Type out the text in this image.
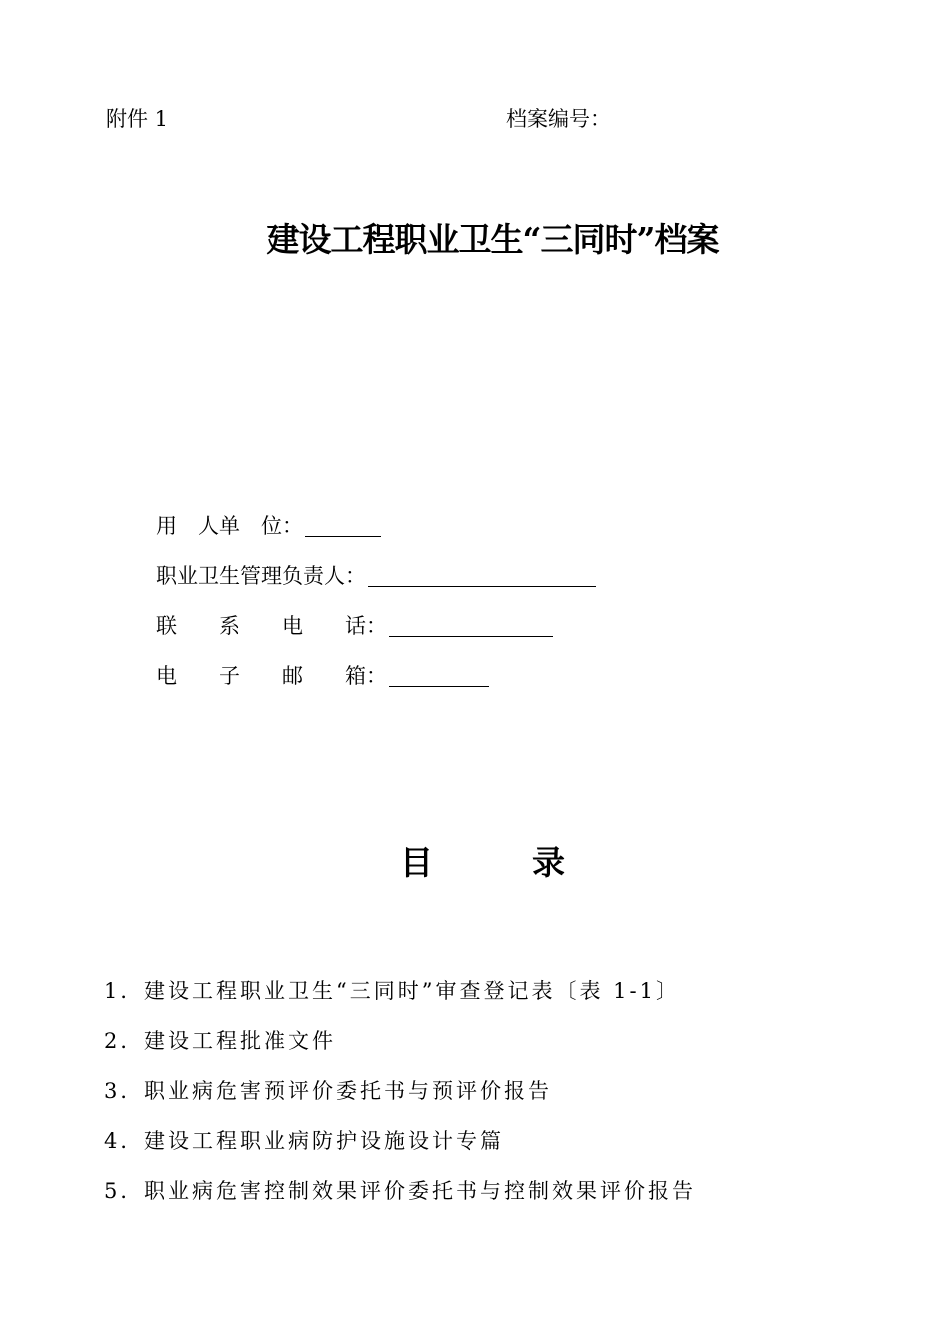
附件 1	档案编号：
建设工程职业卫生“三同时”档案
用　人单　位：
职业卫生管理负责人：
联　　系　　电　　话：
电　　子　　邮　　箱：
目　　　录
1． 建设工程职业卫生“三同时”审查登记表〔表 1-1〕
2． 建设工程批准文件
3． 职业病危害预评价委托书与预评价报告
4． 建设工程职业病防护设施设计专篇
5． 职业病危害控制效果评价委托书与控制效果评价报告
